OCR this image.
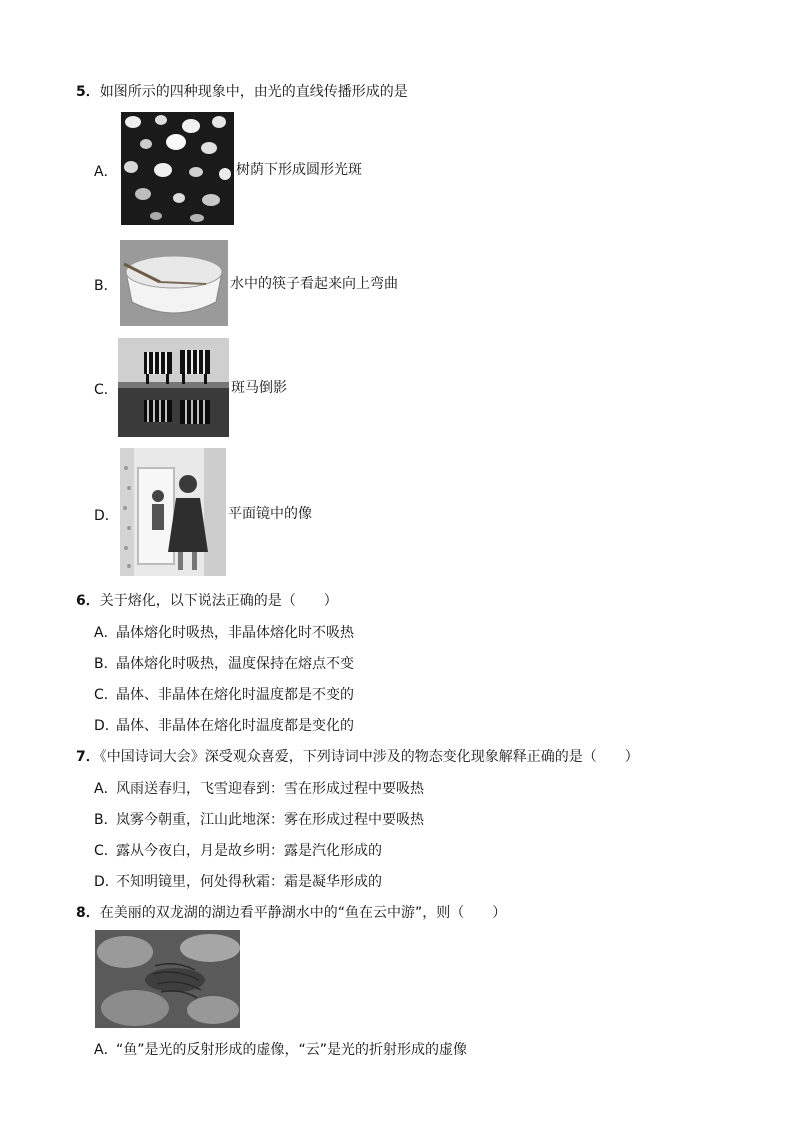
5．如图所示的四种现象中，由光的直线传播形成的是
A．	树荫下形成圆形光斑
B．	水中的筷子看起来向上弯曲
C．	斑马倒影
D．	平面镜中的像
6．关于熔化，以下说法正确的是（　　）
A．晶体熔化时吸热，非晶体熔化时不吸热
B．晶体熔化时吸热，温度保持在熔点不变
C．晶体、非晶体在熔化时温度都是不变的
D．晶体、非晶体在熔化时温度都是变化的
7．《中国诗词大会》深受观众喜爱，下列诗词中涉及的物态变化现象解释正确的是（　　）
A．风雨送春归，飞雪迎春到：雪在形成过程中要吸热
B．岚雾今朝重，江山此地深：雾在形成过程中要吸热
C．露从今夜白，月是故乡明：露是汽化形成的
D．不知明镜里，何处得秋霜：霜是凝华形成的
8．在美丽的双龙湖的湖边看平静湖水中的“鱼在云中游”，则（　　）
A．“鱼”是光的反射形成的虚像，“云”是光的折射形成的虚像
